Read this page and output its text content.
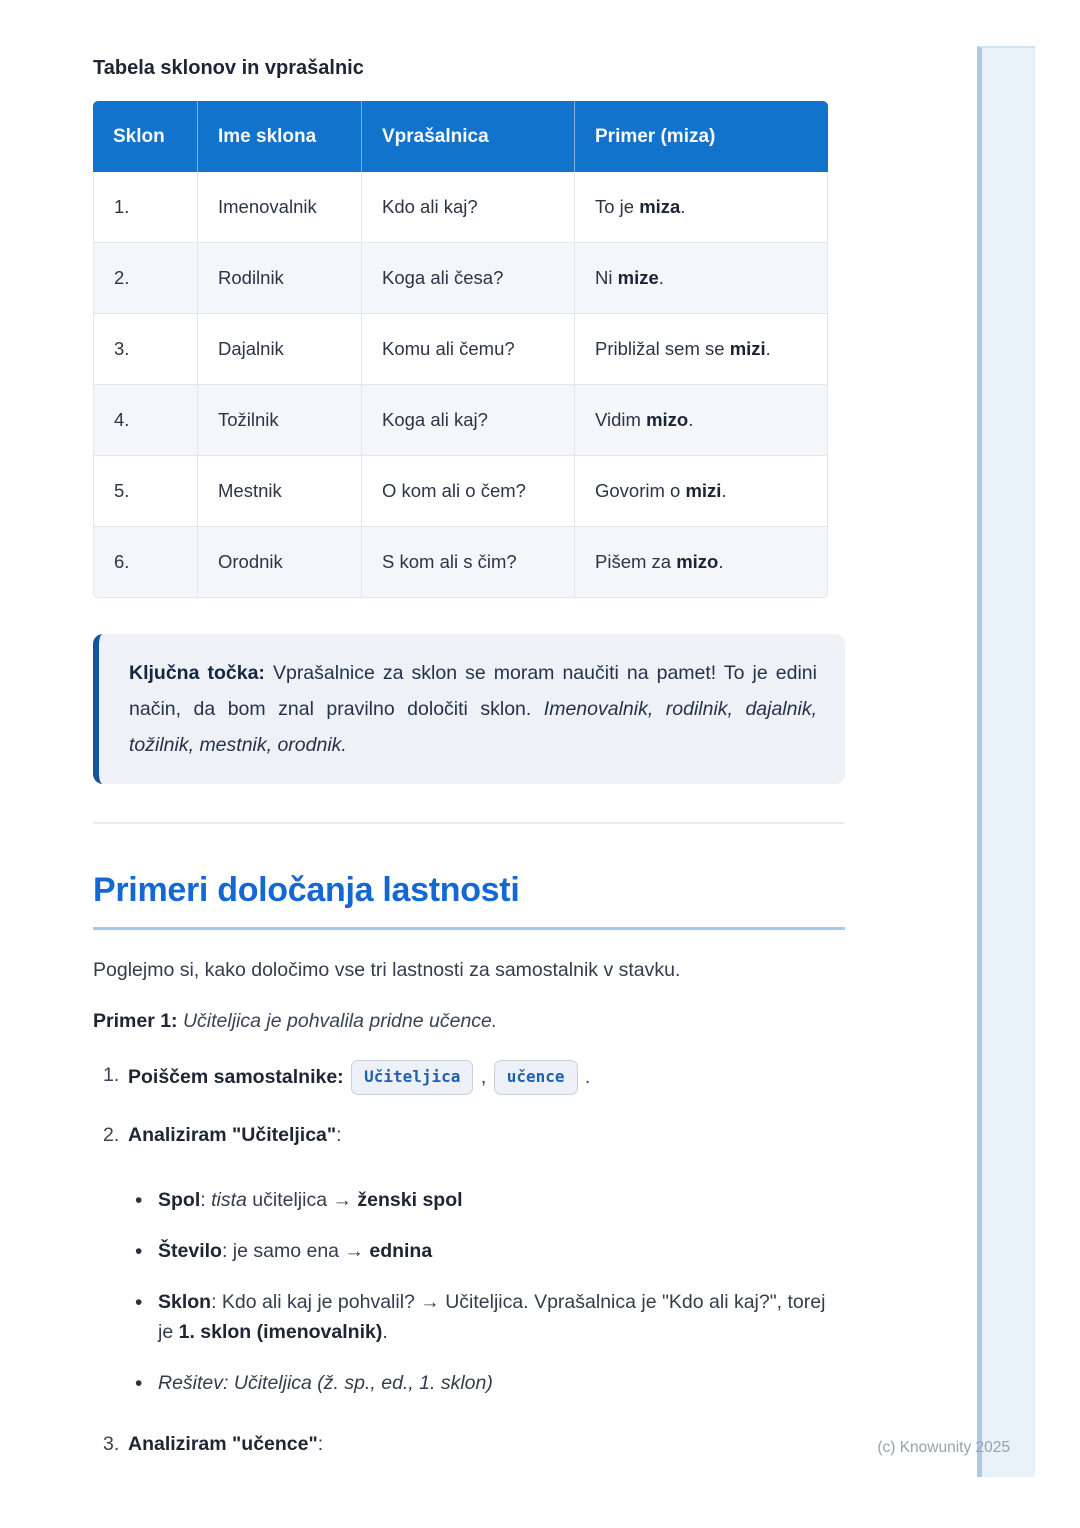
(c) Knowunity 2025
Tabela sklonov in vprašalnic
Sklon	Ime sklona	Vprašalnica	Primer (miza)
1.	Imenovalnik	Kdo ali kaj?	To je miza.
2.	Rodilnik	Koga ali česa?	Ni mize.
3.	Dajalnik	Komu ali čemu?	Približal sem se mizi.
4.	Tožilnik	Koga ali kaj?	Vidim mizo.
5.	Mestnik	O kom ali o čem?	Govorim o mizi.
6.	Orodnik	S kom ali s čim?	Pišem za mizo.

Ključna točka: Vprašalnice za sklon se moram naučiti na pamet! To je edini način, da bom znal pravilno določiti sklon. Imenovalnik, rodilnik, dajalnik, tožilnik, mestnik, orodnik.

Primeri določanja lastnosti

Poglejmo si, kako določimo vse tri lastnosti za samostalnik v stavku.

Primer 1: Učiteljica je pohvalila pridne učence.

1. Poiščem samostalnike: Učiteljica , učence .
2. Analiziram "Učiteljica":
• Spol: tista učiteljica → ženski spol
• Število: je samo ena → ednina
• Sklon: Kdo ali kaj je pohvalil? → Učiteljica. Vprašalnica je "Kdo ali kaj?", torej je 1. sklon (imenovalnik).
• Rešitev: Učiteljica (ž. sp., ed., 1. sklon)
3. Analiziram "učence":
